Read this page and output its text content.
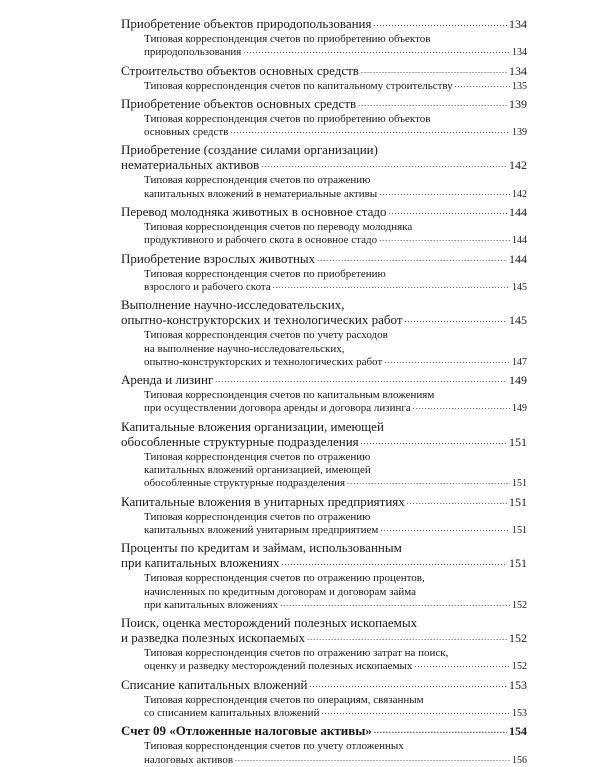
Приобретение объектов природопользования . . .	134
Типовая корреспонденция счетов по приобретению объектов
природопользования . . .	134
Строительство объектов основных средств . . .	134
Типовая корреспонденция счетов по капитальному строительству . . .	135
Приобретение объектов основных средств . . .	139
Типовая корреспонденция счетов по приобретению объектов
основных средств . . .	139
Приобретение (создание силами организации)
нематериальных активов . . .	142
Типовая корреспонденция счетов по отражению
капитальных вложений в нематериальные активы . . .	142
Перевод молодняка животных в основное стадо . . .	144
Типовая корреспонденция счетов по переводу молодняка
продуктивного и рабочего скота в основное стадо . . .	144
Приобретение взрослых животных . . .	144
Типовая корреспонденция счетов по приобретению
взрослого и рабочего скота . . .	145
Выполнение научно-исследовательских,
опытно-конструкторских и технологических работ . . .	145
Типовая корреспонденция счетов по учету расходов
на выполнение научно-исследовательских,
опытно-конструкторских и технологических работ . . .	147
Аренда и лизинг . . .	149
Типовая корреспонденция счетов по капитальным вложениям
при осуществлении договора аренды и договора лизинга . . .	149
Капитальные вложения организации, имеющей
обособленные структурные подразделения . . .	151
Типовая корреспонденция счетов по отражению
капитальных вложений организацией, имеющей
обособленные структурные подразделения . . .	151
Капитальные вложения в унитарных предприятиях . . .	151
Типовая корреспонденция счетов по отражению
капитальных вложений унитарным предприятием . . .	151
Проценты по кредитам и займам, использованным
при капитальных вложениях . . .	151
Типовая корреспонденция счетов по отражению процентов,
начисленных по кредитным договорам и договорам займа
при капитальных вложениях . . .	152
Поиск, оценка месторождений полезных ископаемых
и разведка полезных ископаемых . . .	152
Типовая корреспонденция счетов по отражению затрат на поиск,
оценку и разведку месторождений полезных ископаемых . . .	152
Списание капитальных вложений . . .	153
Типовая корреспонденция счетов по операциям, связанным
со списанием капитальных вложений . . .	153
Счет 09 «Отложенные налоговые активы» . . .	154
Типовая корреспонденция счетов по учету отложенных
налоговых активов . . .	156
